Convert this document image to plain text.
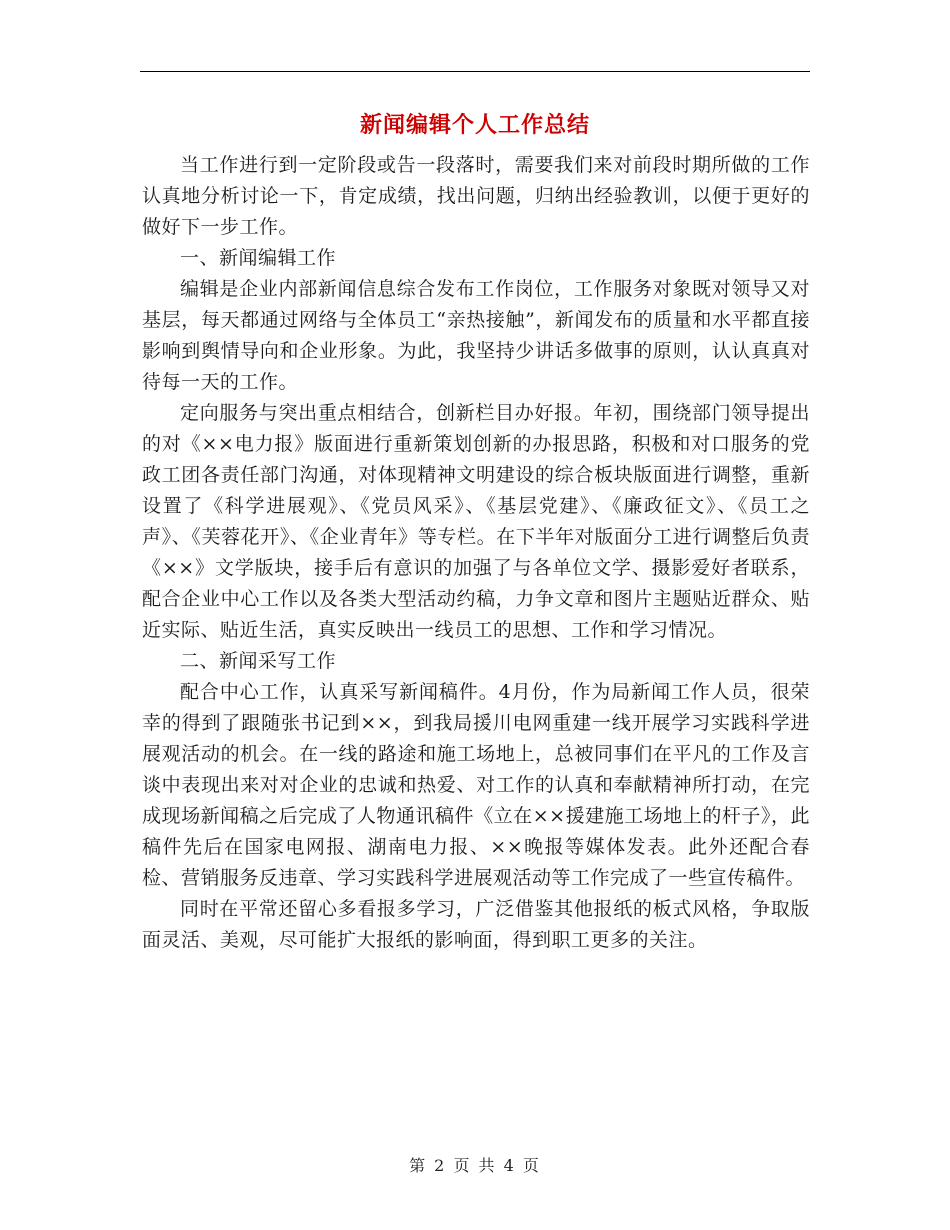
新闻编辑个人工作总结

当工作进行到一定阶段或告一段落时，需要我们来对前段时期所做的工作认真地分析讨论一下，肯定成绩，找出问题，归纳出经验教训，以便于更好的做好下一步工作。

一、新闻编辑工作

编辑是企业内部新闻信息综合发布工作岗位，工作服务对象既对领导又对基层，每天都通过网络与全体员工“亲热接触”，新闻发布的质量和水平都直接影响到舆情导向和企业形象。为此，我坚持少讲话多做事的原则，认认真真对待每一天的工作。

定向服务与突出重点相结合，创新栏目办好报。年初，围绕部门领导提出的对《××电力报》版面进行重新策划创新的办报思路，积极和对口服务的党政工团各责任部门沟通，对体现精神文明建设的综合板块版面进行调整，重新设置了《科学进展观》、《党员风采》、《基层党建》、《廉政征文》、《员工之声》、《芙蓉花开》、《企业青年》等专栏。在下半年对版面分工进行调整后负责《××》文学版块，接手后有意识的加强了与各单位文学、摄影爱好者联系，配合企业中心工作以及各类大型活动约稿，力争文章和图片主题贴近群众、贴近实际、贴近生活，真实反映出一线员工的思想、工作和学习情况。

二、新闻采写工作

配合中心工作，认真采写新闻稿件。4月份，作为局新闻工作人员，很荣幸的得到了跟随张书记到××，到我局援川电网重建一线开展学习实践科学进展观活动的机会。在一线的路途和施工场地上，总被同事们在平凡的工作及言谈中表现出来对对企业的忠诚和热爱、对工作的认真和奉献精神所打动，在完成现场新闻稿之后完成了人物通讯稿件《立在××援建施工场地上的杆子》，此稿件先后在国家电网报、湖南电力报、××晚报等媒体发表。此外还配合春检、营销服务反违章、学习实践科学进展观活动等工作完成了一些宣传稿件。

同时在平常还留心多看报多学习，广泛借鉴其他报纸的板式风格，争取版面灵活、美观，尽可能扩大报纸的影响面，得到职工更多的关注。

第 2 页 共 4 页
